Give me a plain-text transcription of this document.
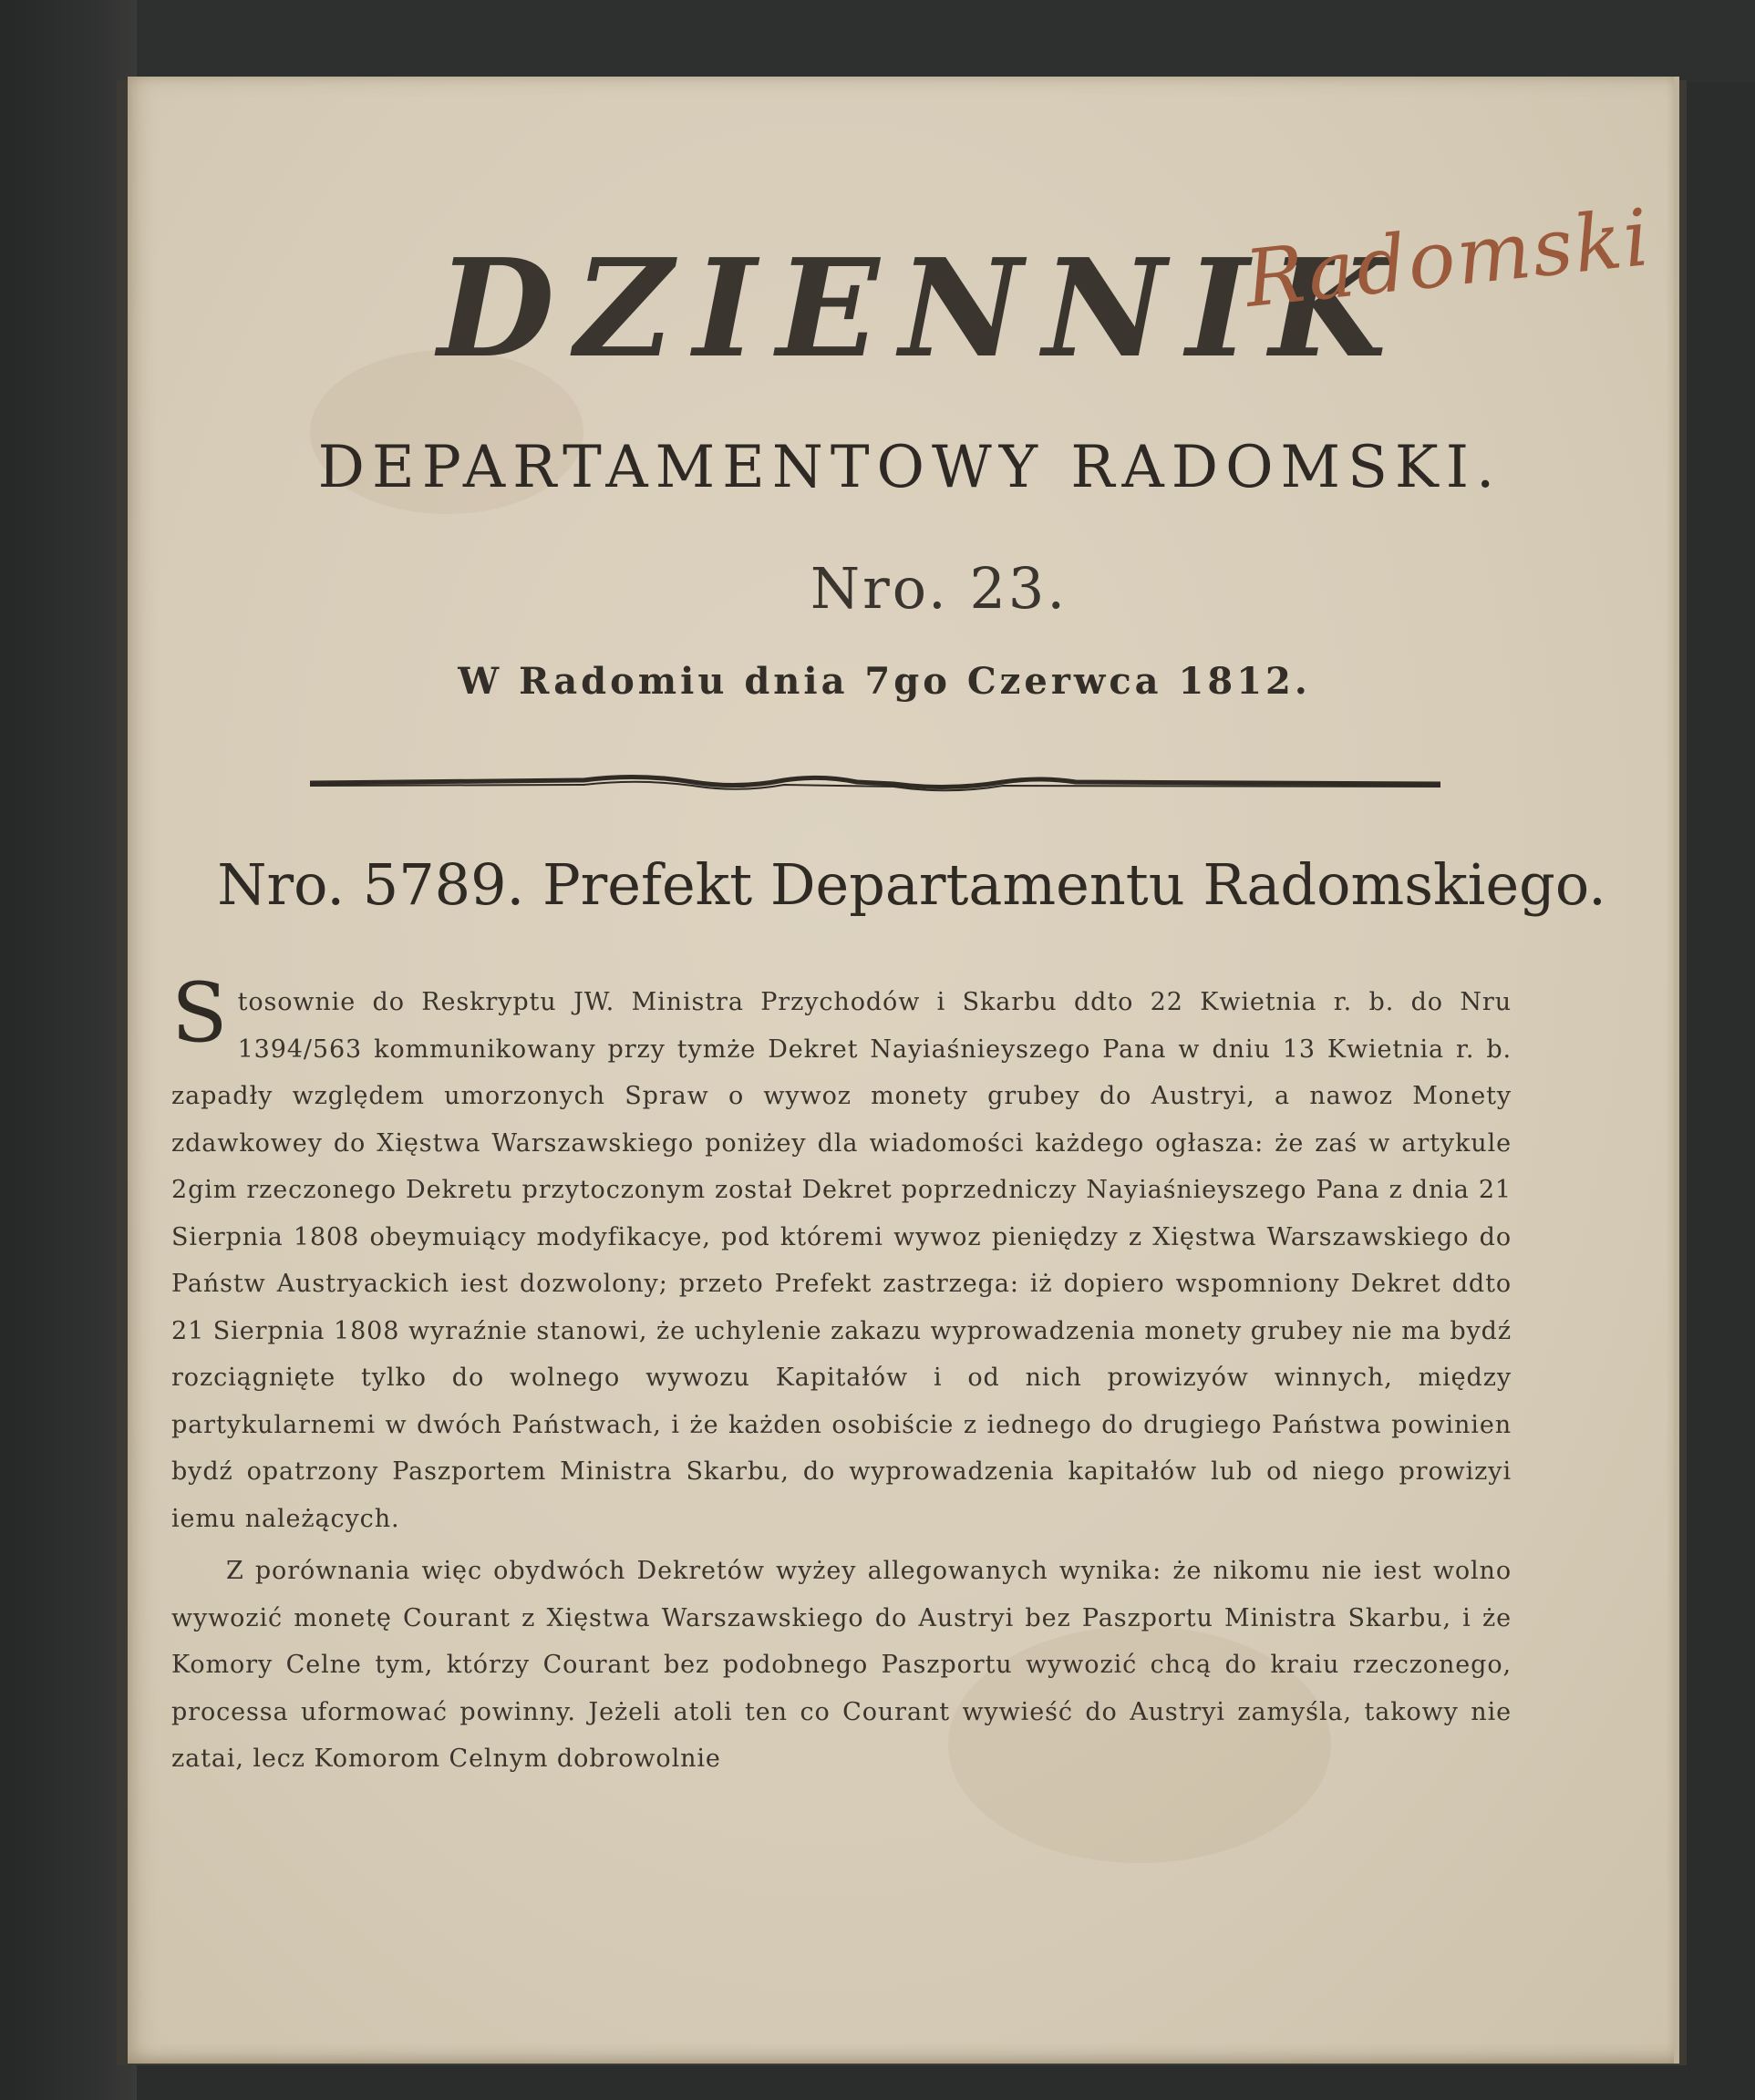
DZIENNIK
Radomski
DEPARTAMENTOWY RADOMSKI.
Nro. 23.
W Radomiu dnia 7go Czerwca 1812.
Nro. 5789. Prefekt Departamentu Radomskiego.

Stosownie do Reskryptu JW. Ministra Przychodów i Skarbu ddto 22 Kwietnia r. b. do Nru 1394/563 kommunikowany przy tymże Dekret Nayiaśnieyszego Pana w dniu 13 Kwietnia r. b. zapadły względem umorzonych Spraw o wywoz monety grubey do Austryi, a nawoz Monety zdawkowey do Xięstwa Warszawskiego poniżey dla wiadomości każdego ogłasza: że zaś w artykule 2gim rzeczonego Dekretu przytoczonym został Dekret poprzedniczy Nayiaśnieyszego Pana z dnia 21 Sierpnia 1808 obeymuiący modyfikacye, pod któremi wywoz pieniędzy z Xięstwa Warszawskiego do Państw Austryackich iest dozwolony; przeto Prefekt zastrzega: iż dopiero wspomniony Dekret ddto 21 Sierpnia 1808 wyraźnie stanowi, że uchylenie zakazu wyprowadzenia monety grubey nie ma bydź rozciągnięte tylko do wolnego wywozu Kapitałów i od nich prowizyów winnych, między partykularnemi w dwóch Państwach, i że każden osobiście z iednego do drugiego Państwa powinien bydź opatrzony Paszportem Ministra Skarbu, do wyprowadzenia kapitałów lub od niego prowizyi iemu należących.

Z porównania więc obydwóch Dekretów wyżey allegowanych wynika: że nikomu nie iest wolno wywozić monetę Courant z Xięstwa Warszawskiego do Austryi bez Paszportu Ministra Skarbu, i że Komory Celne tym, którzy Courant bez podobnego Paszportu wywozić chcą do kraiu rzeczonego, processa uformować powinny. Jeżeli atoli ten co Courant wywieść do Austryi zamyśla, takowy nie zatai, lecz Komorom Celnym dobrowolnie
